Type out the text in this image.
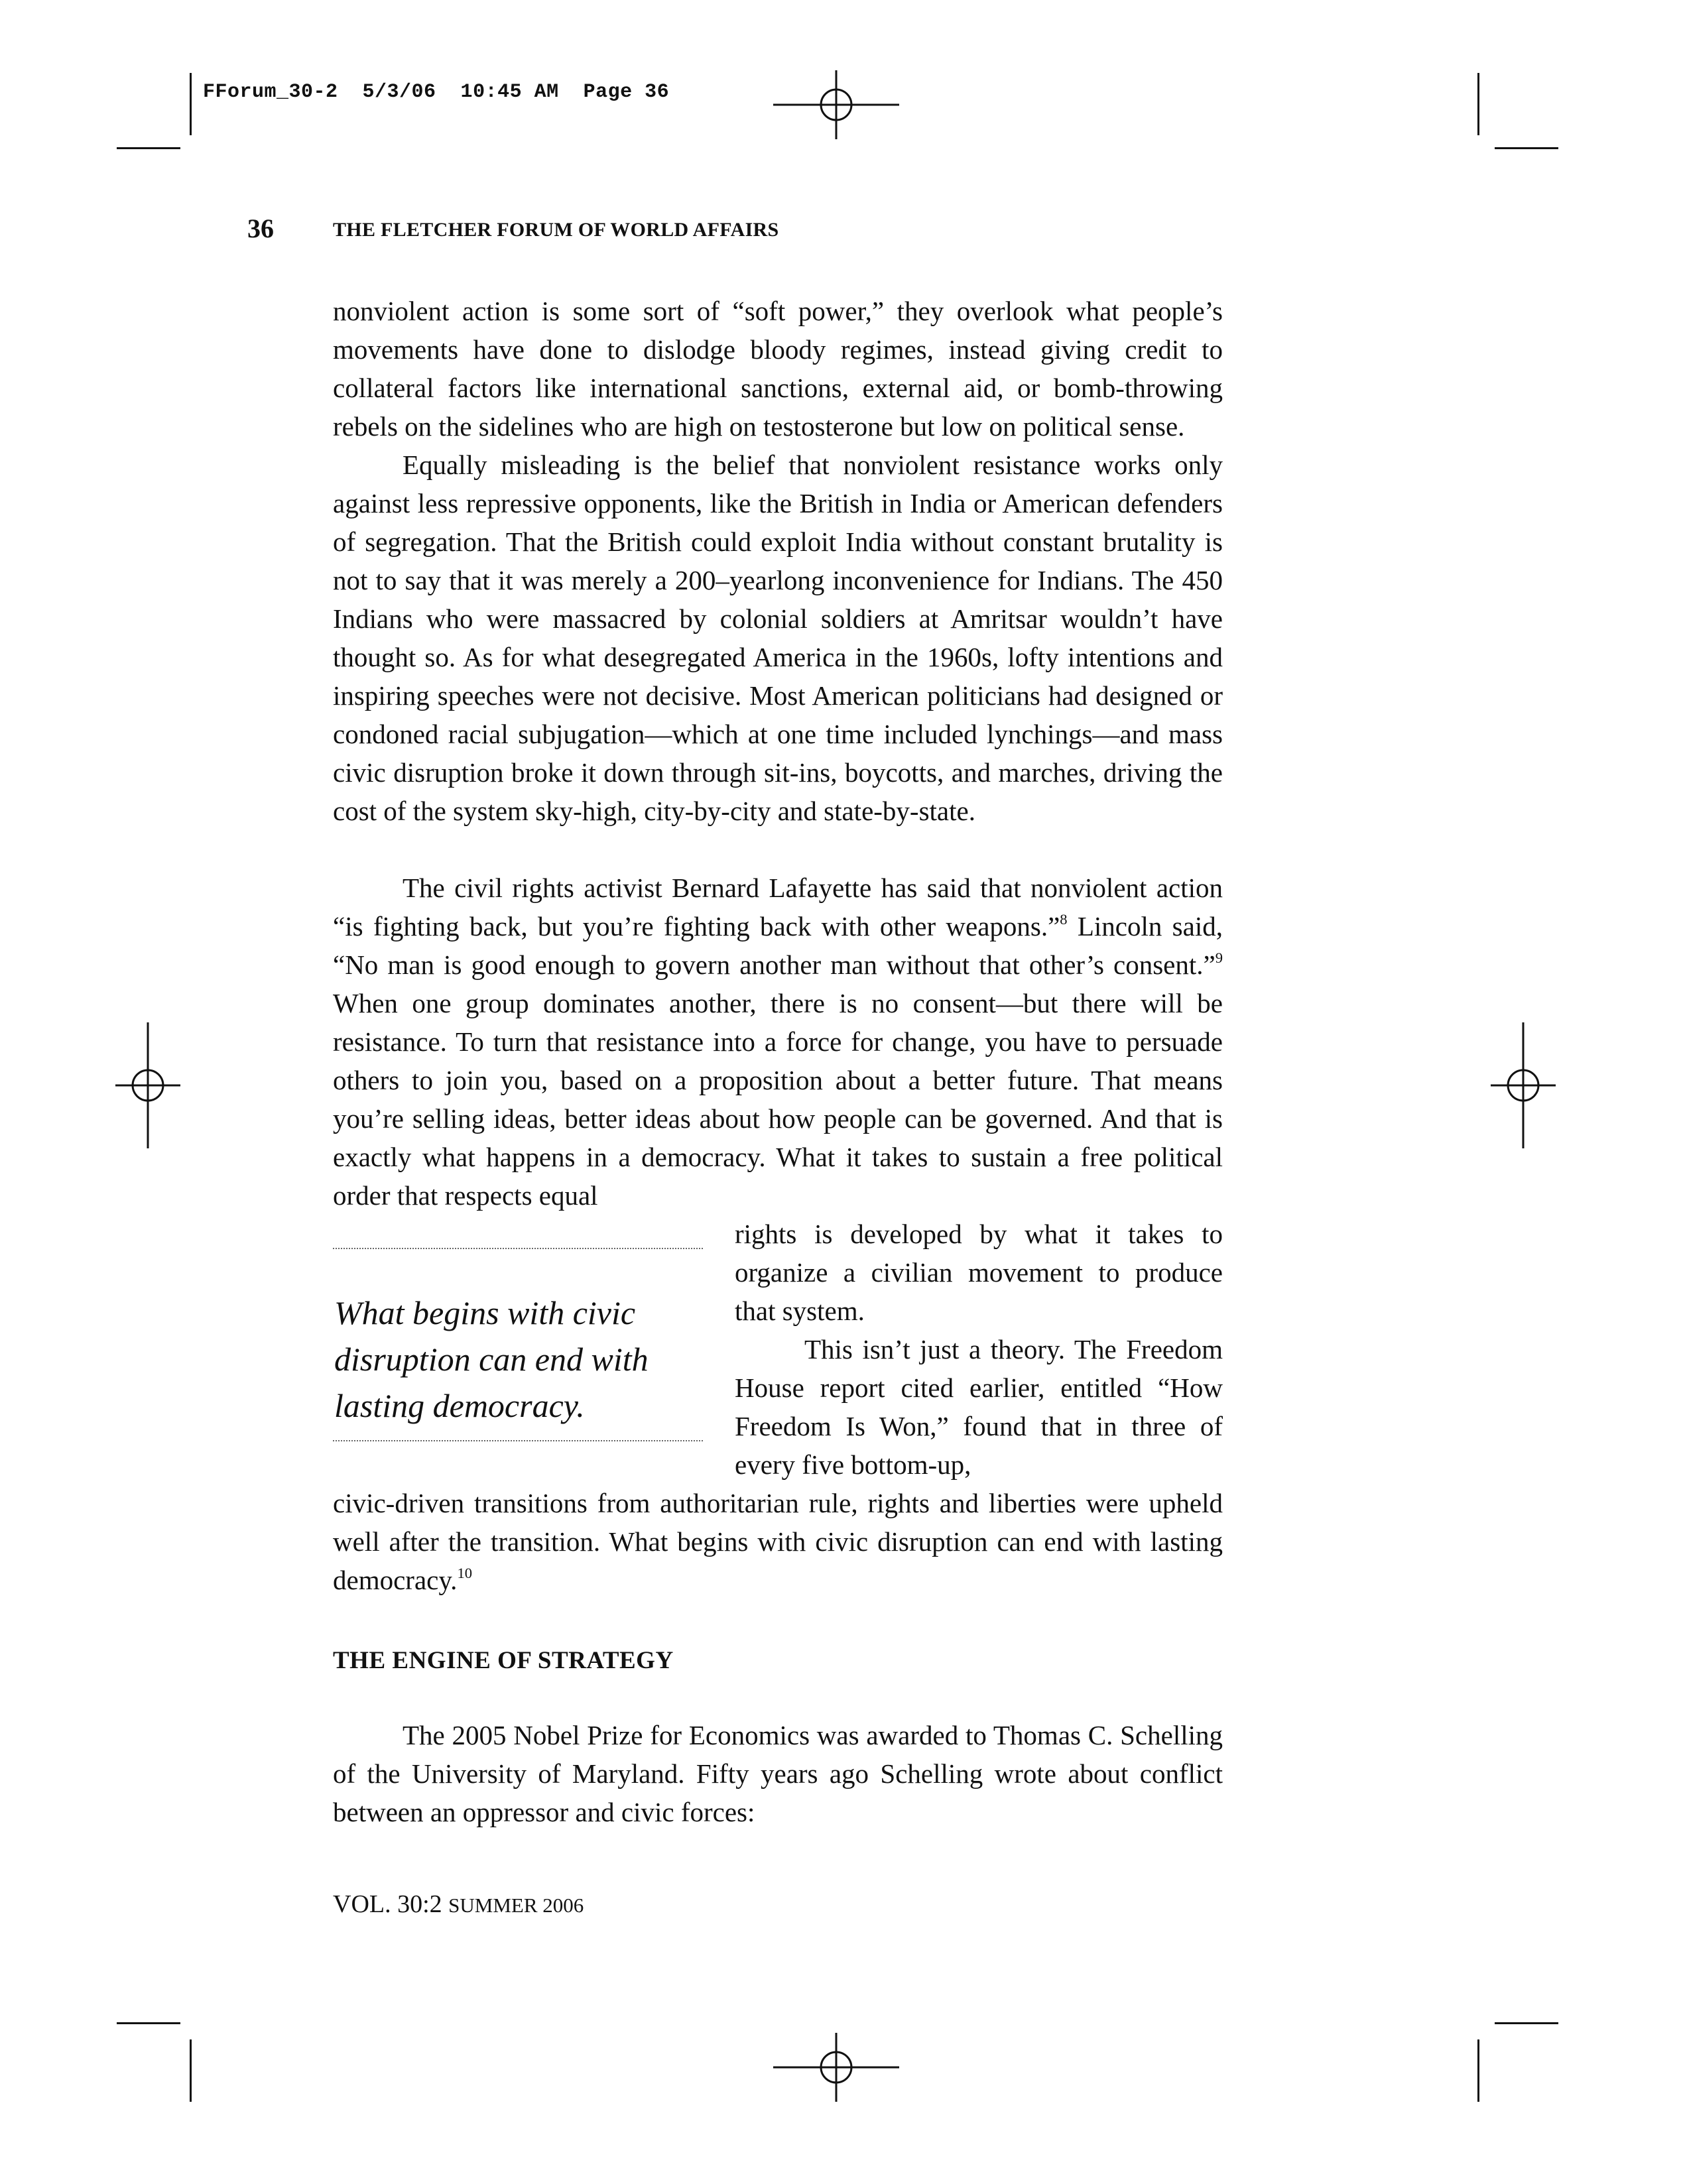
FForum_30-2  5/3/06  10:45 AM  Page 36
36	THE FLETCHER FORUM OF WORLD AFFAIRS

nonviolent action is some sort of “soft power,” they overlook what people’s movements have done to dislodge bloody regimes, instead giving credit to collateral factors like international sanctions, external aid, or bomb-throwing rebels on the sidelines who are high on testosterone but low on political sense.

Equally misleading is the belief that nonviolent resistance works only against less repressive opponents, like the British in India or American defenders of segregation. That the British could exploit India without constant brutality is not to say that it was merely a 200–yearlong inconvenience for Indians. The 450 Indians who were massacred by colonial soldiers at Amritsar wouldn’t have thought so. As for what desegregated America in the 1960s, lofty intentions and inspiring speeches were not decisive. Most American politicians had designed or condoned racial subjugation—which at one time included lynchings—and mass civic disruption broke it down through sit-ins, boycotts, and marches, driving the cost of the system sky-high, city-by-city and state-by-state.

The civil rights activist Bernard Lafayette has said that nonviolent action “is fighting back, but you’re fighting back with other weapons.”$^8$ Lincoln said, “No man is good enough to govern another man without that other’s consent.”$^9$ When one group dominates another, there is no consent—but there will be resistance. To turn that resistance into a force for change, you have to persuade others to join you, based on a proposition about a better future. That means you’re selling ideas, better ideas about how people can be governed. And that is exactly what happens in a democracy. What it takes to sustain a free political order that respects equal

rights is developed by what it takes to organize a civilian movement to produce that system.

This isn’t just a theory. The Freedom House report cited earlier, entitled “How Freedom Is Won,” found that in three of every five bottom-up,

civic-driven transitions from authoritarian rule, rights and liberties were upheld well after the transition. What begins with civic disruption can end with lasting democracy.$^{10}$

What begins with civic disruption can end with lasting democracy.

THE ENGINE OF STRATEGY

The 2005 Nobel Prize for Economics was awarded to Thomas C. Schelling of the University of Maryland. Fifty years ago Schelling wrote about conflict between an oppressor and civic forces:

VOL. 30:2 SUMMER 2006
